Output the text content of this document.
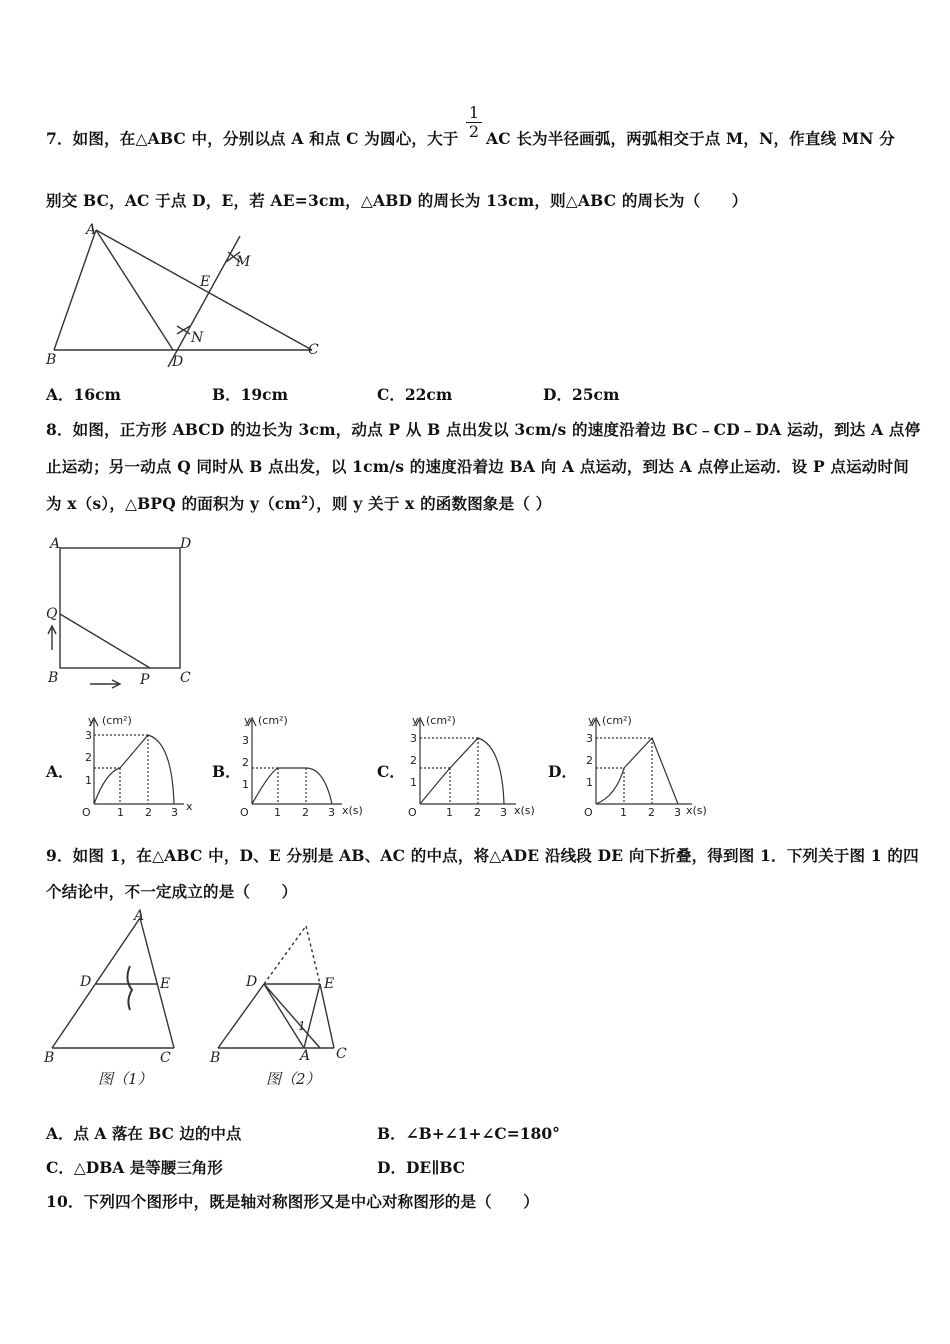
7．如图，在△ABC 中，分别以点 A 和点 C 为圆心，大于 $\frac{1}{2}$ AC 长为半径画弧，两弧相交于点 M，N，作直线 MN 分
别交 BC，AC 于点 D，E，若 AE=3cm，△ABD 的周长为 13cm，则△ABC 的周长为（　　）
A
B
C
D
E
M
N
A．16cm	B．19cm	C．22cm	D．25cm
8．如图，正方形 ABCD 的边长为 3cm，动点 P 从 B 点出发以 3cm/s 的速度沿着边 BC﹣CD﹣DA 运动，到达 A 点停
止运动；另一动点 Q 同时从 B 点出发，以 1cm/s 的速度沿着边 BA 向 A 点运动，到达 A 点停止运动．设 P 点运动时间
为 x（s），△BPQ 的面积为 $y(cm^2)$，则 y 关于 x 的函数图象是（ ）
A	D
Q
B	P C
A．	B．	C．	D．
y (cm²)
O	x
1 2 3
3
2
1
y (cm²)
O	x(s)
1 2 3
3
2
1
y (cm²)
O	x(s)
1 2 3
3
2
1
y (cm²)
O	x(s)
1 2 3
3
2
1
9．如图 1，在△ABC 中，D、E 分别是 AB、AC 的中点，将△ADE 沿线段 DE 向下折叠，得到图 1．下列关于图 1 的四
个结论中，不一定成立的是（　　）
A
D	E
B	C
图（1）
D	E
1
B	A C
图（2）
A．点 A 落在 BC 边的中点	B．∠B+∠1+∠C=180°
C．△DBA 是等腰三角形	D．DE∥BC
10．下列四个图形中，既是轴对称图形又是中心对称图形的是（　　）
